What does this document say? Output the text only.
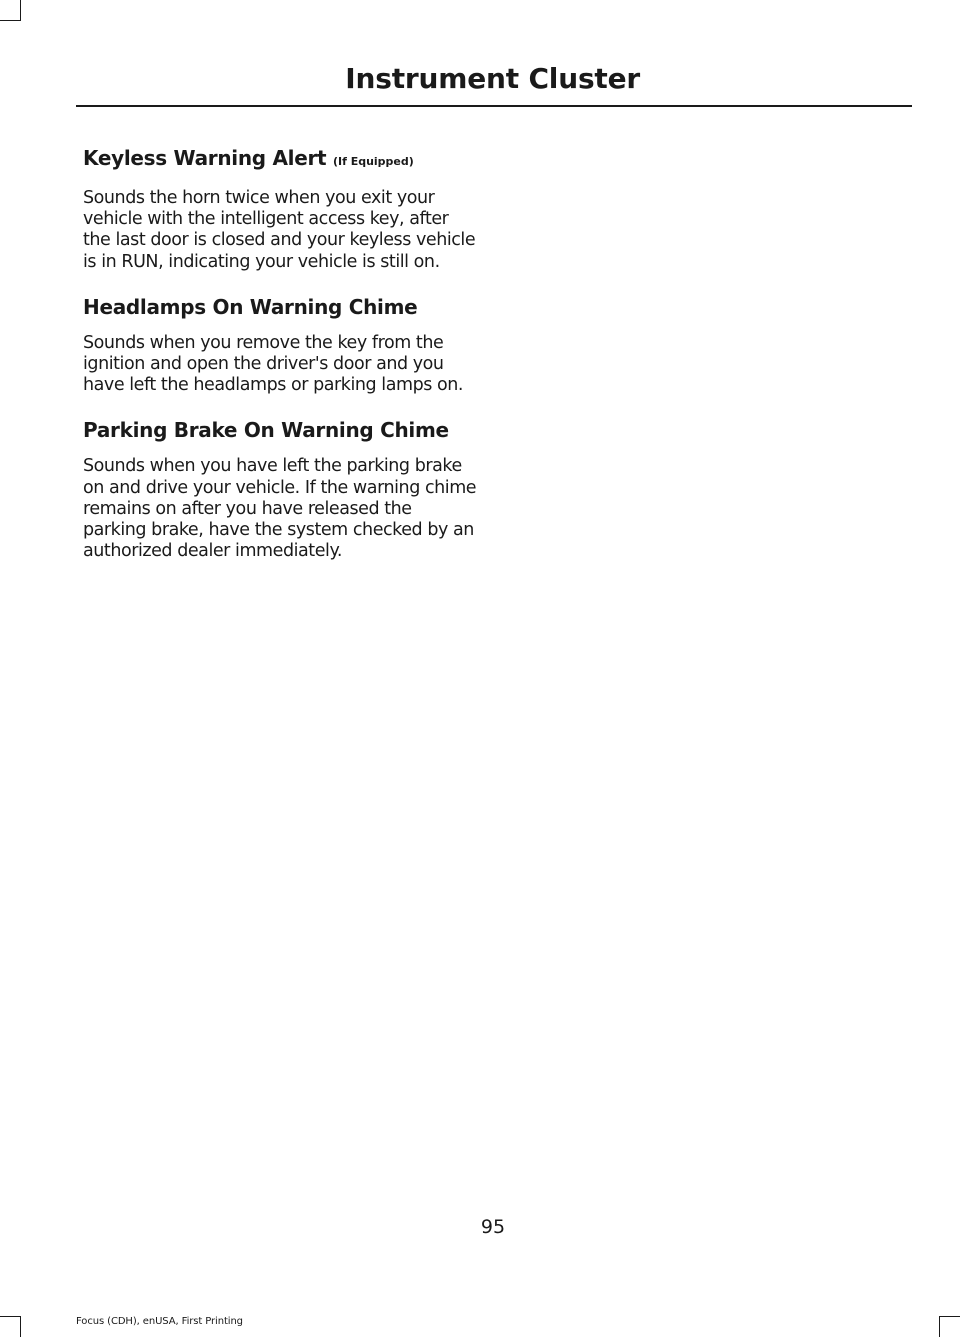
Instrument Cluster
Keyless Warning Alert (If Equipped)

Sounds the horn twice when you exit your vehicle with the intelligent access key, after the last door is closed and your keyless vehicle is in RUN, indicating your vehicle is still on.

Headlamps On Warning Chime

Sounds when you remove the key from the ignition and open the driver's door and you have left the headlamps or parking lamps on.

Parking Brake On Warning Chime

Sounds when you have left the parking brake on and drive your vehicle. If the warning chime remains on after you have released the parking brake, have the system checked by an authorized dealer immediately.

95

Focus (CDH), enUSA, First Printing
